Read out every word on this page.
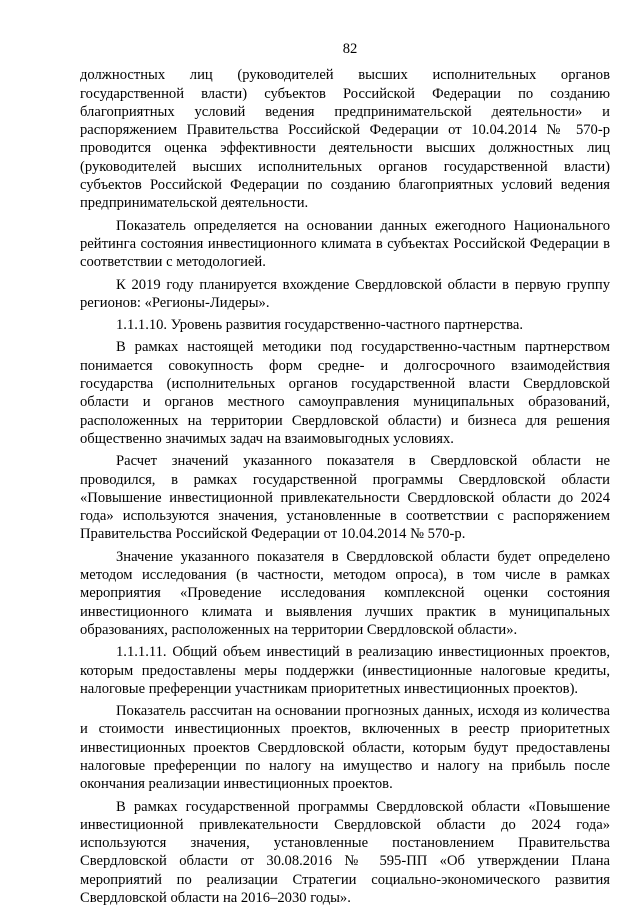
82

должностных лиц (руководителей высших исполнительных органов государственной власти) субъектов Российской Федерации по созданию благоприятных условий ведения предпринимательской деятельности» и распоряжением Правительства Российской Федерации от 10.04.2014 № 570-р проводится оценка эффективности деятельности высших должностных лиц (руководителей высших исполнительных органов государственной власти) субъектов Российской Федерации по созданию благоприятных условий ведения предпринимательской деятельности.

Показатель определяется на основании данных ежегодного Национального рейтинга состояния инвестиционного климата в субъектах Российской Федерации в соответствии с методологией.

К 2019 году планируется вхождение Свердловской области в первую группу регионов: «Регионы-Лидеры».

1.1.1.10. Уровень развития государственно-частного партнерства.

В рамках настоящей методики под государственно-частным партнерством понимается совокупность форм средне- и долгосрочного взаимодействия государства (исполнительных органов государственной власти Свердловской области и органов местного самоуправления муниципальных образований, расположенных на территории Свердловской области) и бизнеса для решения общественно значимых задач на взаимовыгодных условиях.

Расчет значений указанного показателя в Свердловской области не проводился, в рамках государственной программы Свердловской области «Повышение инвестиционной привлекательности Свердловской области до 2024 года» используются значения, установленные в соответствии с распоряжением Правительства Российской Федерации от 10.04.2014 № 570-р.

Значение указанного показателя в Свердловской области будет определено методом исследования (в частности, методом опроса), в том числе в рамках мероприятия «Проведение исследования комплексной оценки состояния инвестиционного климата и выявления лучших практик в муниципальных образованиях, расположенных на территории Свердловской области».

1.1.1.11. Общий объем инвестиций в реализацию инвестиционных проектов, которым предоставлены меры поддержки (инвестиционные налоговые кредиты, налоговые преференции участникам приоритетных инвестиционных проектов).

Показатель рассчитан на основании прогнозных данных, исходя из количества и стоимости инвестиционных проектов, включенных в реестр приоритетных инвестиционных проектов Свердловской области, которым будут предоставлены налоговые преференции по налогу на имущество и налогу на прибыль после окончания реализации инвестиционных проектов.

В рамках государственной программы Свердловской области «Повышение инвестиционной привлекательности Свердловской области до 2024 года» используются значения, установленные постановлением Правительства Свердловской области от 30.08.2016 № 595-ПП «Об утверждении Плана мероприятий по реализации Стратегии социально-экономического развития Свердловской области на 2016–2030 годы».
